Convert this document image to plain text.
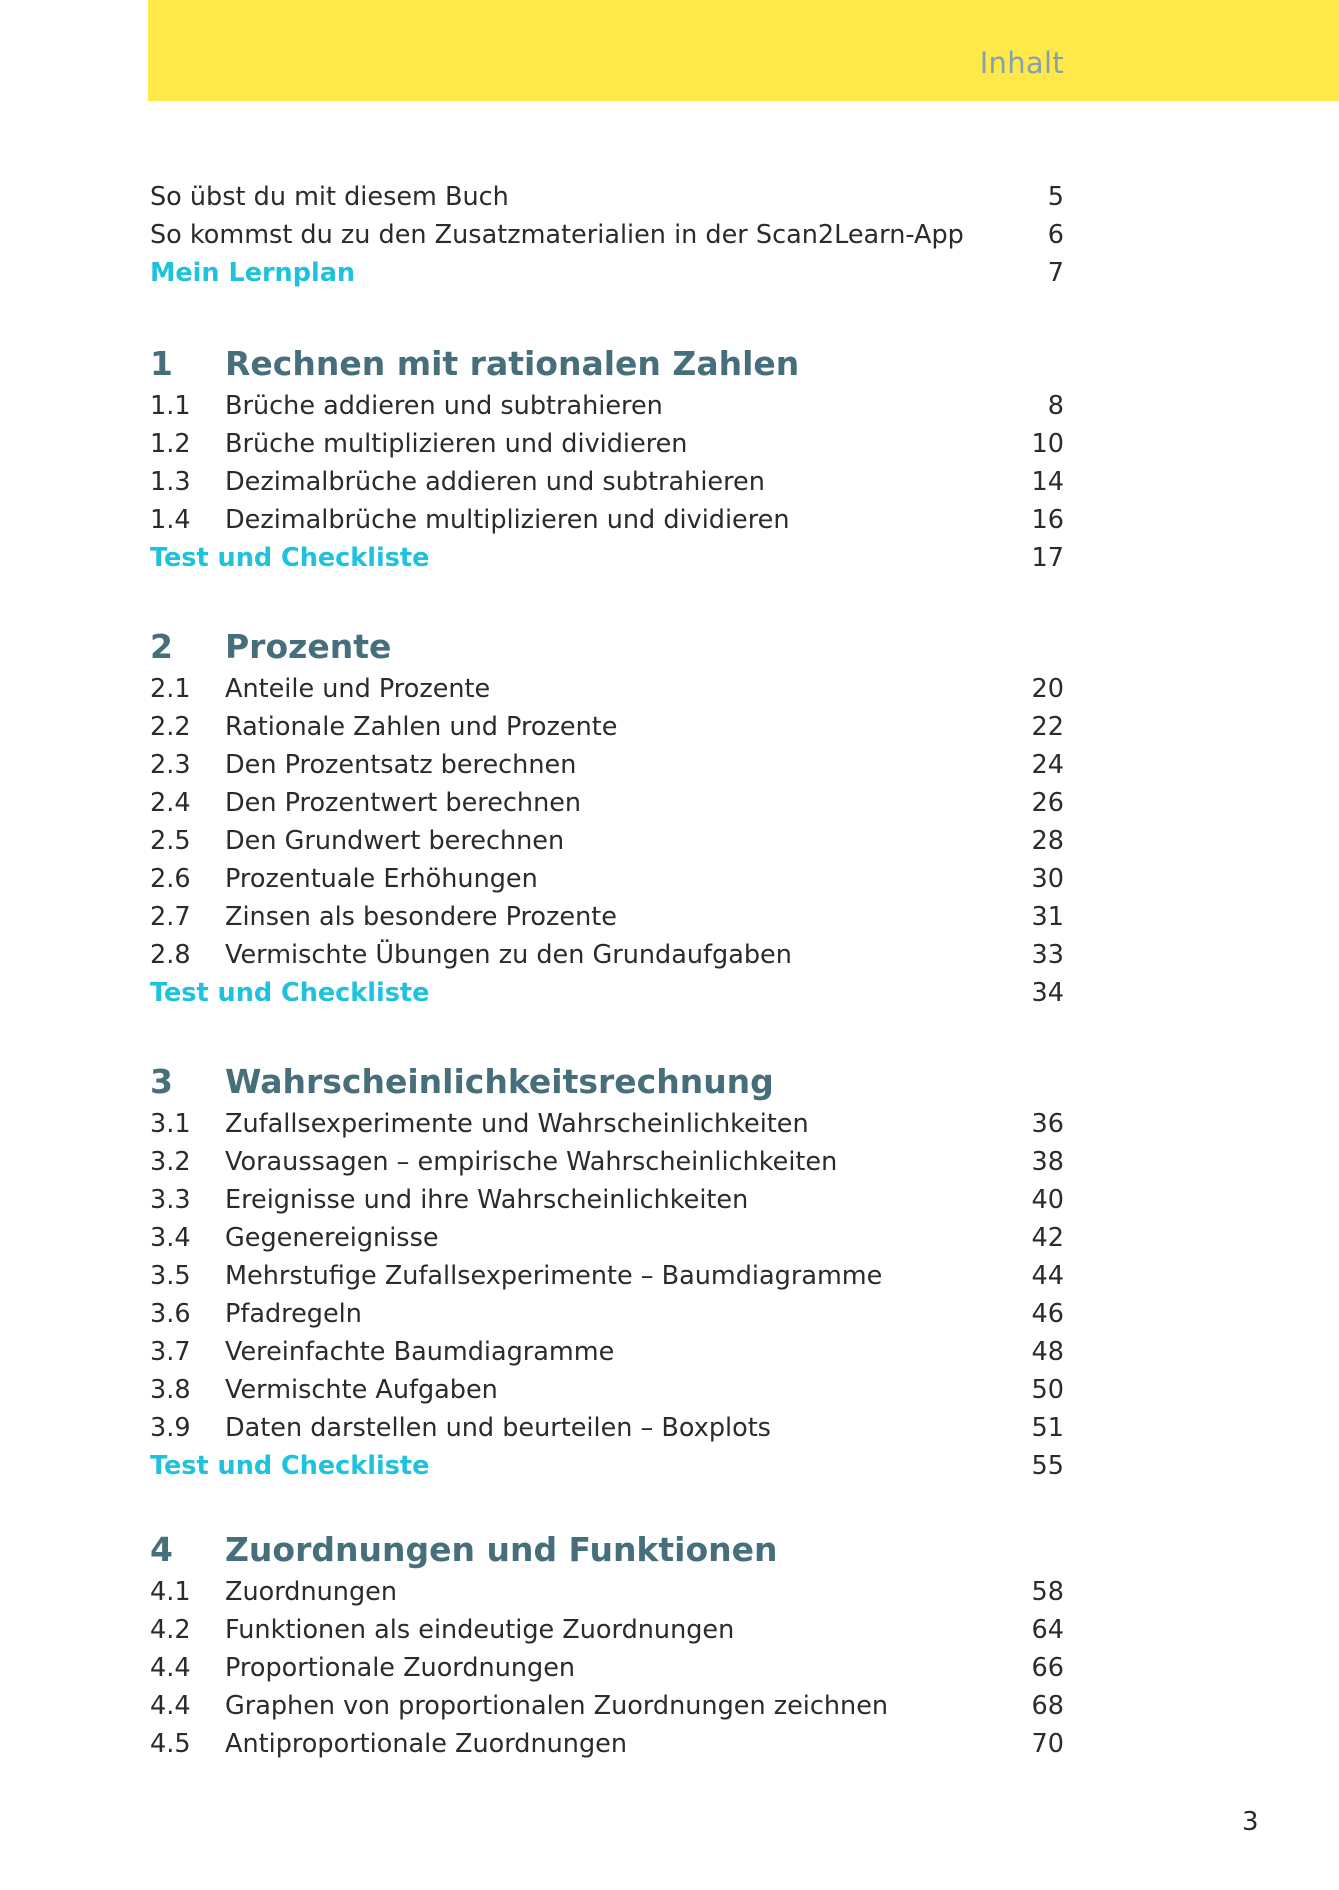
Inhalt
So übst du mit diesem Buch	5
So kommst du zu den Zusatzmaterialien in der Scan2Learn-App	6
Mein Lernplan	7
1 Rechnen mit rationalen Zahlen
1.1 Brüche addieren und subtrahieren	8
1.2 Brüche multiplizieren und dividieren	10
1.3 Dezimalbrüche addieren und subtrahieren	14
1.4 Dezimalbrüche multiplizieren und dividieren	16
Test und Checkliste	17
2 Prozente
2.1 Anteile und Prozente	20
2.2 Rationale Zahlen und Prozente	22
2.3 Den Prozentsatz berechnen	24
2.4 Den Prozentwert berechnen	26
2.5 Den Grundwert berechnen	28
2.6 Prozentuale Erhöhungen	30
2.7 Zinsen als besondere Prozente	31
2.8 Vermischte Übungen zu den Grundaufgaben	33
Test und Checkliste	34
3 Wahrscheinlichkeitsrechnung
3.1 Zufallsexperimente und Wahrscheinlichkeiten	36
3.2 Voraussagen – empirische Wahrscheinlichkeiten	38
3.3 Ereignisse und ihre Wahrscheinlichkeiten	40
3.4 Gegenereignisse	42
3.5 Mehrstufige Zufallsexperimente – Baumdiagramme	44
3.6 Pfadregeln	46
3.7 Vereinfachte Baumdiagramme	48
3.8 Vermischte Aufgaben	50
3.9 Daten darstellen und beurteilen – Boxplots	51
Test und Checkliste	55
4 Zuordnungen und Funktionen
4.1 Zuordnungen	58
4.2 Funktionen als eindeutige Zuordnungen	64
4.4 Proportionale Zuordnungen	66
4.4 Graphen von proportionalen Zuordnungen zeichnen	68
4.5 Antiproportionale Zuordnungen	70
3
